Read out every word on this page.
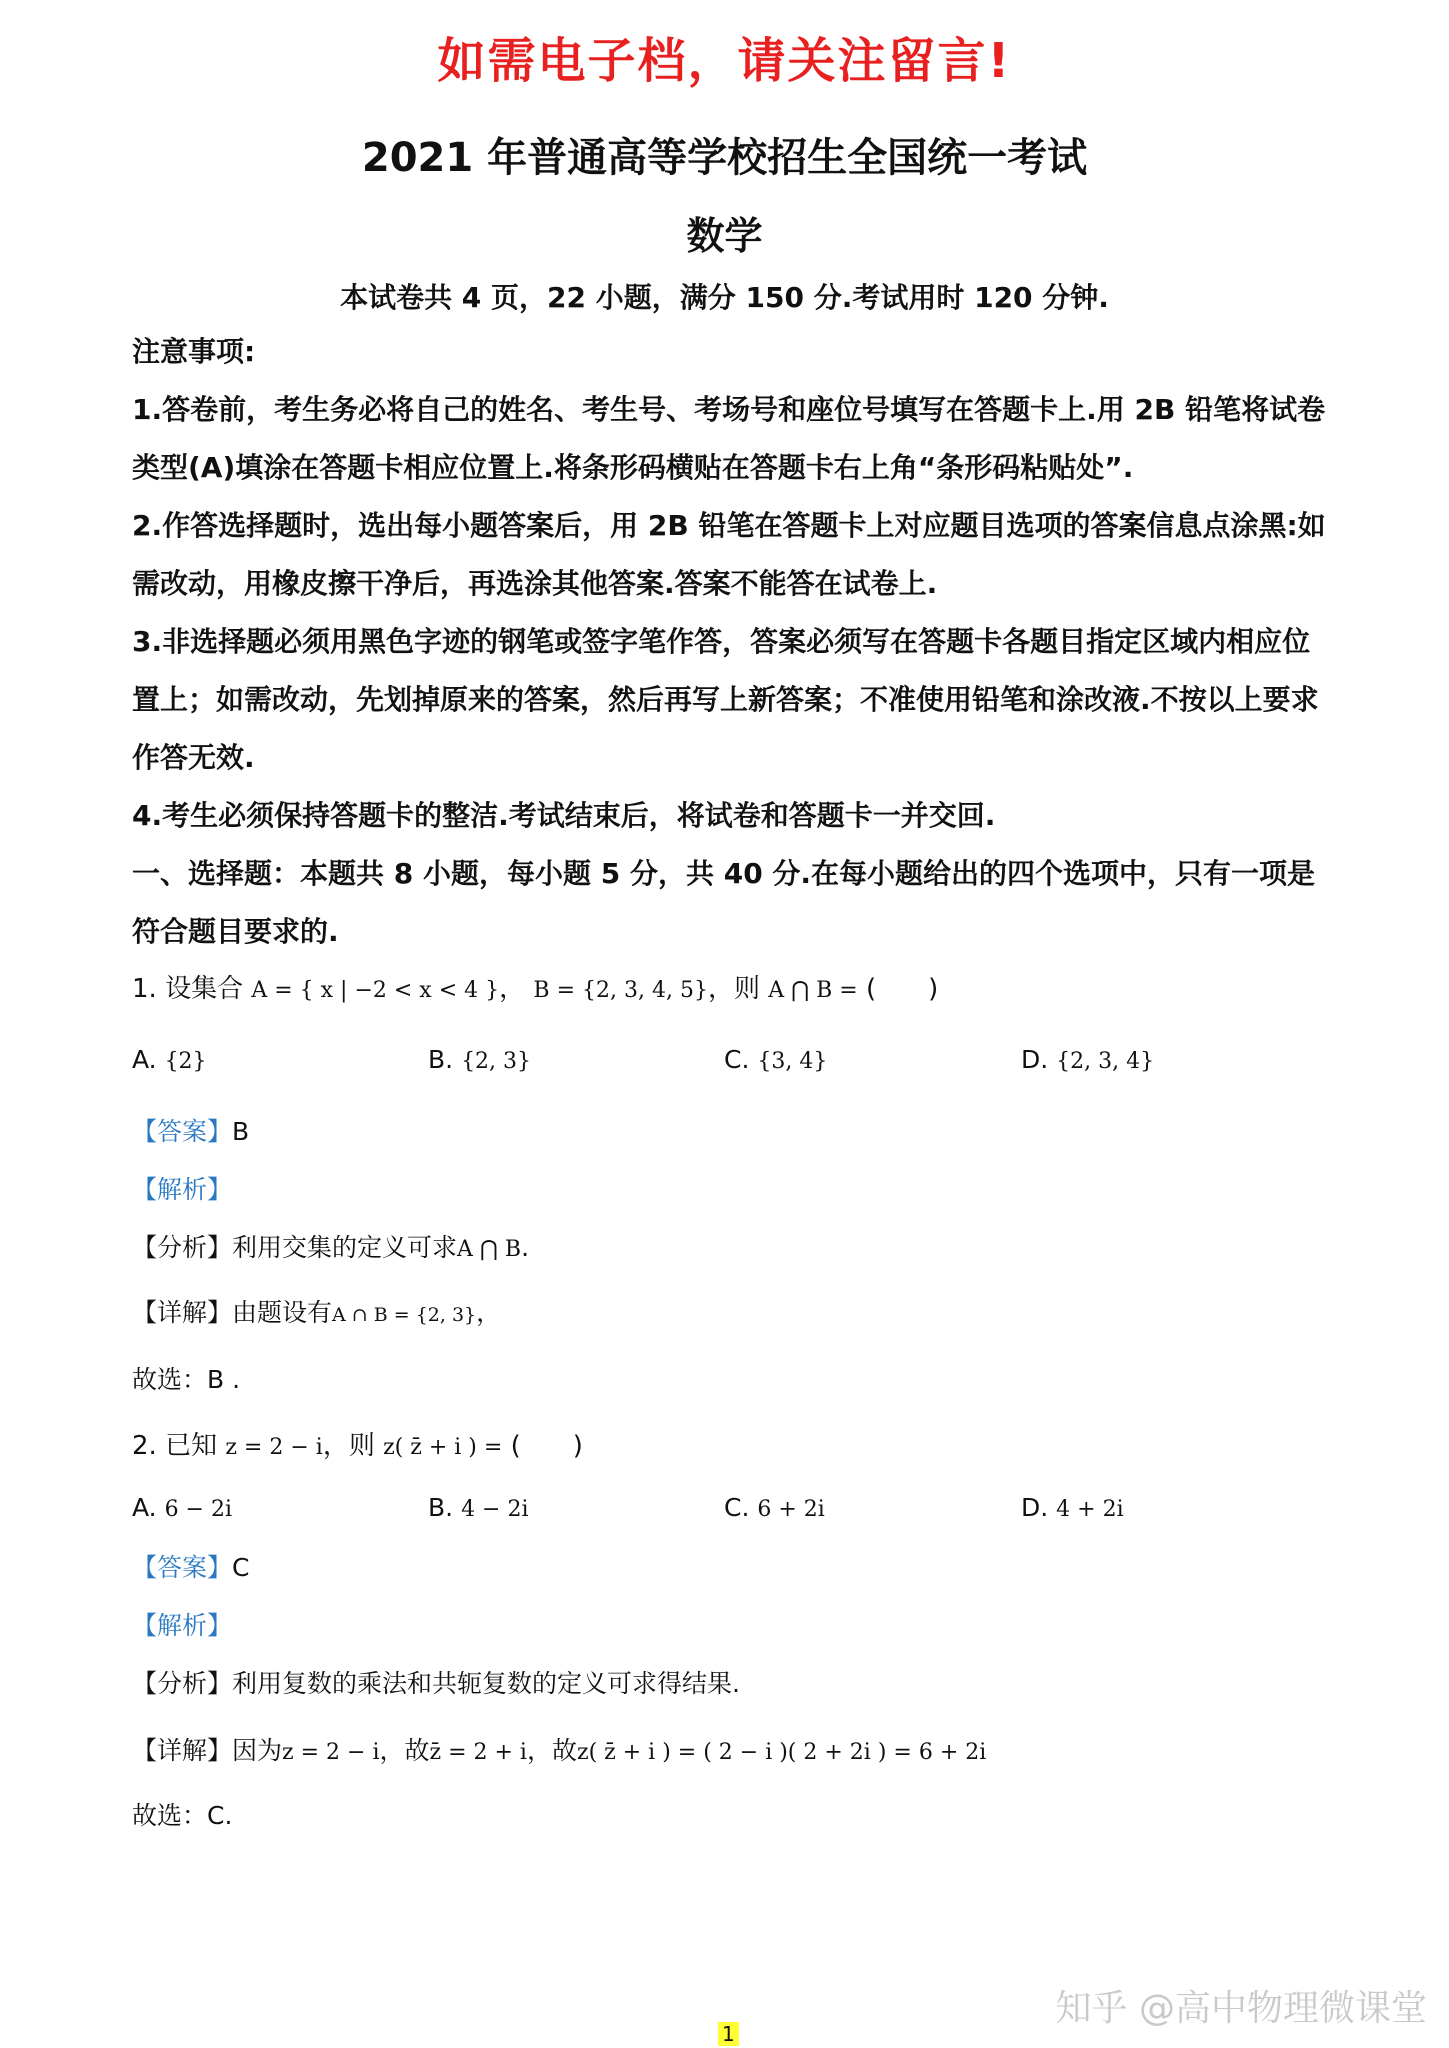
如需电子档，请关注留言!
2021 年普通高等学校招生全国统一考试
数学
本试卷共 4 页，22 小题，满分 150 分.考试用时 120 分钟.
注意事项:
1.答卷前，考生务必将自己的姓名、考生号、考场号和座位号填写在答题卡上.用 2B 铅笔将试卷类型(A)填涂在答题卡相应位置上.将条形码横贴在答题卡右上角“条形码粘贴处”.
2.作答选择题时，选出每小题答案后，用 2B 铅笔在答题卡上对应题目选项的答案信息点涂黑:如需改动，用橡皮擦干净后，再选涂其他答案.答案不能答在试卷上.
3.非选择题必须用黑色字迹的钢笔或签字笔作答，答案必须写在答题卡各题目指定区域内相应位置上；如需改动，先划掉原来的答案，然后再写上新答案；不准使用铅笔和涂改液.不按以上要求作答无效.
4.考生必须保持答题卡的整洁.考试结束后，将试卷和答题卡一并交回.
一、选择题：本题共 8 小题，每小题 5 分，共 40 分.在每小题给出的四个选项中，只有一项是符合题目要求的.
1. 设集合 A = { x | −2 < x < 4 }， B = {2, 3, 4, 5}，则 A ⋂ B = (　　)
A. {2}	B. {2, 3}	C. {3, 4}	D. {2, 3, 4}
【答案】B
【解析】
【分析】利用交集的定义可求A ⋂ B.
【详解】由题设有A ∩ B = {2, 3}，
故选：B .
2. 已知 z = 2 − i，则 z( z̄ + i ) = (　　)
A. 6 − 2i	B. 4 − 2i	C. 6 + 2i	D. 4 + 2i
【答案】C
【解析】
【分析】利用复数的乘法和共轭复数的定义可求得结果.
【详解】因为z = 2 − i，故z̄ = 2 + i，故z( z̄ + i ) = ( 2 − i )( 2 + 2i ) = 6 + 2i
故选：C.
知乎 @高中物理微课堂
1
